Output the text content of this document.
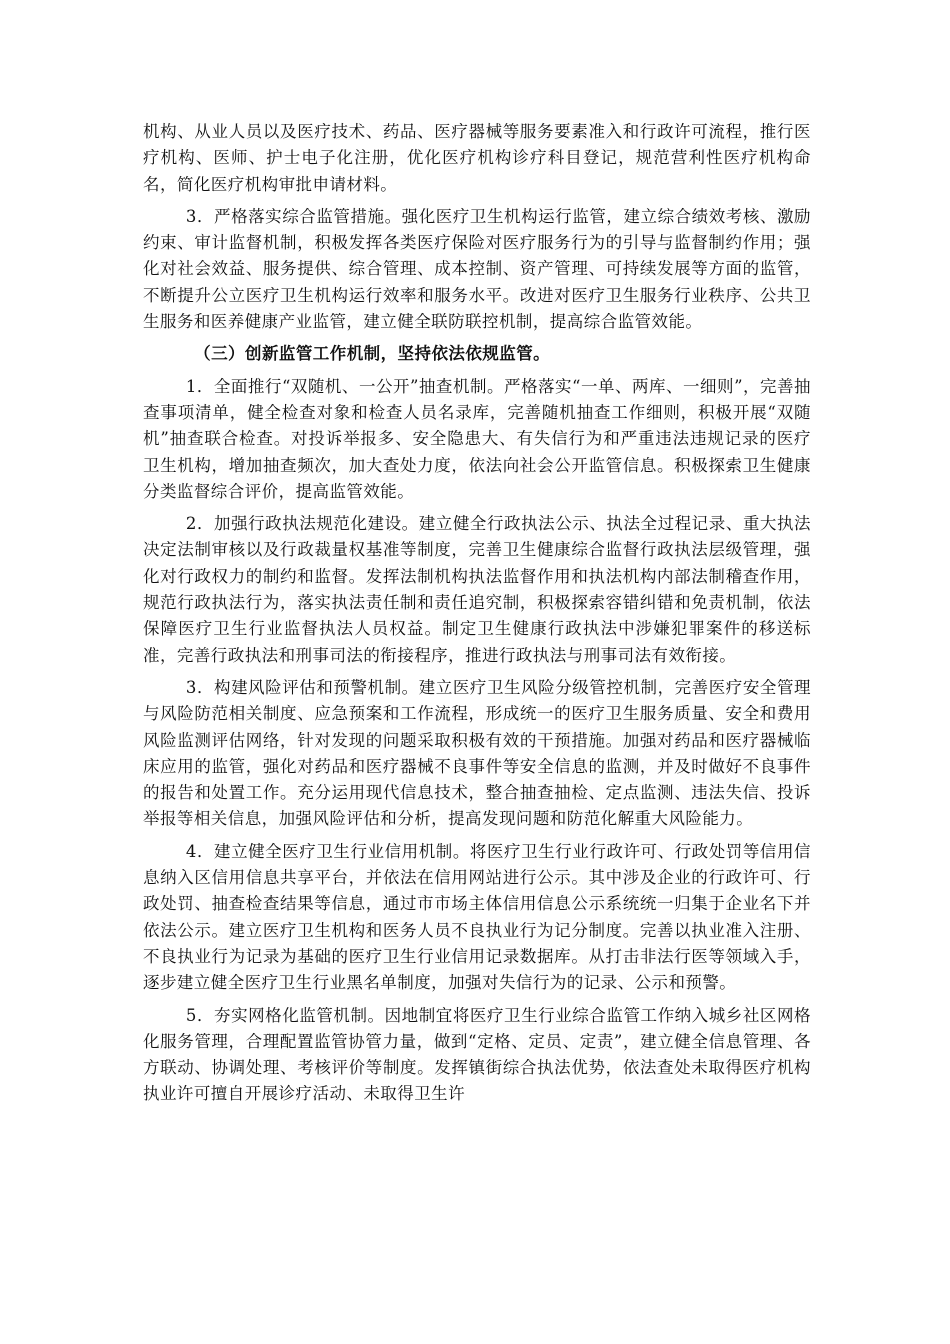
机构、从业人员以及医疗技术、药品、医疗器械等服务要素准入和行政许可流程，推行医疗机构、医师、护士电子化注册，优化医疗机构诊疗科目登记，规范营利性医疗机构命名，简化医疗机构审批申请材料。

3．严格落实综合监管措施。强化医疗卫生机构运行监管，建立综合绩效考核、激励约束、审计监督机制，积极发挥各类医疗保险对医疗服务行为的引导与监督制约作用；强化对社会效益、服务提供、综合管理、成本控制、资产管理、可持续发展等方面的监管，不断提升公立医疗卫生机构运行效率和服务水平。改进对医疗卫生服务行业秩序、公共卫生服务和医养健康产业监管，建立健全联防联控机制，提高综合监管效能。

（三）创新监管工作机制，坚持依法依规监管。

1．全面推行“双随机、一公开”抽查机制。严格落实“一单、两库、一细则”，完善抽查事项清单，健全检查对象和检查人员名录库，完善随机抽查工作细则，积极开展“双随机”抽查联合检查。对投诉举报多、安全隐患大、有失信行为和严重违法违规记录的医疗卫生机构，增加抽查频次，加大查处力度，依法向社会公开监管信息。积极探索卫生健康分类监督综合评价，提高监管效能。

2．加强行政执法规范化建设。建立健全行政执法公示、执法全过程记录、重大执法决定法制审核以及行政裁量权基准等制度，完善卫生健康综合监督行政执法层级管理，强化对行政权力的制约和监督。发挥法制机构执法监督作用和执法机构内部法制稽查作用，规范行政执法行为，落实执法责任制和责任追究制，积极探索容错纠错和免责机制，依法保障医疗卫生行业监督执法人员权益。制定卫生健康行政执法中涉嫌犯罪案件的移送标准，完善行政执法和刑事司法的衔接程序，推进行政执法与刑事司法有效衔接。

3．构建风险评估和预警机制。建立医疗卫生风险分级管控机制，完善医疗安全管理与风险防范相关制度、应急预案和工作流程，形成统一的医疗卫生服务质量、安全和费用风险监测评估网络，针对发现的问题采取积极有效的干预措施。加强对药品和医疗器械临床应用的监管，强化对药品和医疗器械不良事件等安全信息的监测，并及时做好不良事件的报告和处置工作。充分运用现代信息技术，整合抽查抽检、定点监测、违法失信、投诉举报等相关信息，加强风险评估和分析，提高发现问题和防范化解重大风险能力。

4．建立健全医疗卫生行业信用机制。将医疗卫生行业行政许可、行政处罚等信用信息纳入区信用信息共享平台，并依法在信用网站进行公示。其中涉及企业的行政许可、行政处罚、抽查检查结果等信息，通过市市场主体信用信息公示系统统一归集于企业名下并依法公示。建立医疗卫生机构和医务人员不良执业行为记分制度。完善以执业准入注册、不良执业行为记录为基础的医疗卫生行业信用记录数据库。从打击非法行医等领域入手，逐步建立健全医疗卫生行业黑名单制度，加强对失信行为的记录、公示和预警。

5．夯实网格化监管机制。因地制宜将医疗卫生行业综合监管工作纳入城乡社区网格化服务管理，合理配置监管协管力量，做到“定格、定员、定责”，建立健全信息管理、各方联动、协调处理、考核评价等制度。发挥镇街综合执法优势，依法查处未取得医疗机构执业许可擅自开展诊疗活动、未取得卫生许
